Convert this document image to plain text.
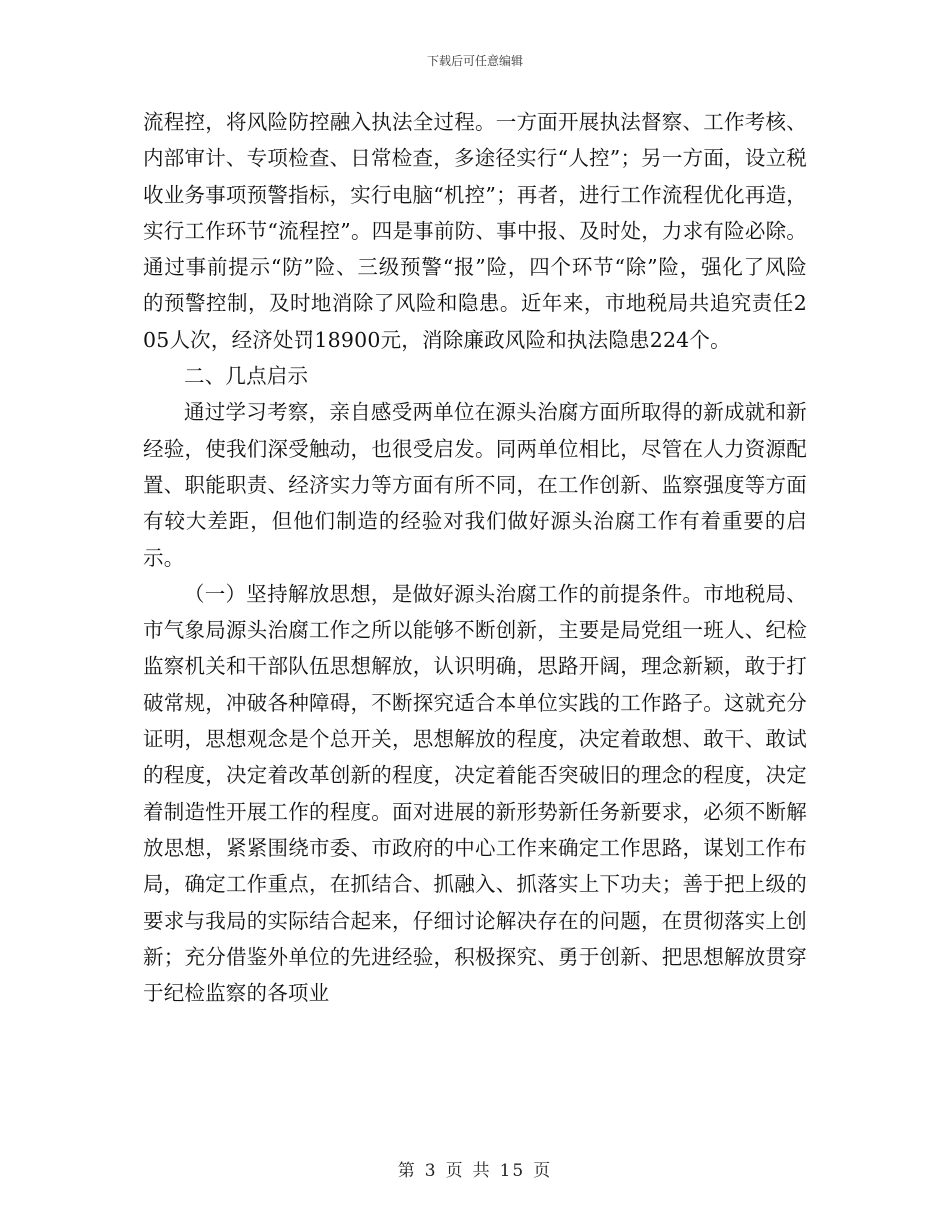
下载后可任意编辑

流程控，将风险防控融入执法全过程。一方面开展执法督察、工作考核、内部审计、专项检查、日常检查，多途径实行“人控”；另一方面，设立税收业务事项预警指标，实行电脑“机控”；再者，进行工作流程优化再造，实行工作环节“流程控”。四是事前防、事中报、及时处，力求有险必除。通过事前提示“防”险、三级预警“报”险，四个环节“除”险，强化了风险的预警控制，及时地消除了风险和隐患。近年来，市地税局共追究责任205人次，经济处罚18900元，消除廉政风险和执法隐患224个。

二、几点启示

通过学习考察，亲自感受两单位在源头治腐方面所取得的新成就和新经验，使我们深受触动，也很受启发。同两单位相比，尽管在人力资源配置、职能职责、经济实力等方面有所不同，在工作创新、监察强度等方面有较大差距，但他们制造的经验对我们做好源头治腐工作有着重要的启示。

（一）坚持解放思想，是做好源头治腐工作的前提条件。市地税局、市气象局源头治腐工作之所以能够不断创新，主要是局党组一班人、纪检监察机关和干部队伍思想解放，认识明确，思路开阔，理念新颖，敢于打破常规，冲破各种障碍，不断探究适合本单位实践的工作路子。这就充分证明，思想观念是个总开关，思想解放的程度，决定着敢想、敢干、敢试的程度，决定着改革创新的程度，决定着能否突破旧的理念的程度，决定着制造性开展工作的程度。面对进展的新形势新任务新要求，必须不断解放思想，紧紧围绕市委、市政府的中心工作来确定工作思路，谋划工作布局，确定工作重点，在抓结合、抓融入、抓落实上下功夫；善于把上级的要求与我局的实际结合起来，仔细讨论解决存在的问题，在贯彻落实上创新；充分借鉴外单位的先进经验，积极探究、勇于创新、把思想解放贯穿于纪检监察的各项业

第 3 页 共 15 页
